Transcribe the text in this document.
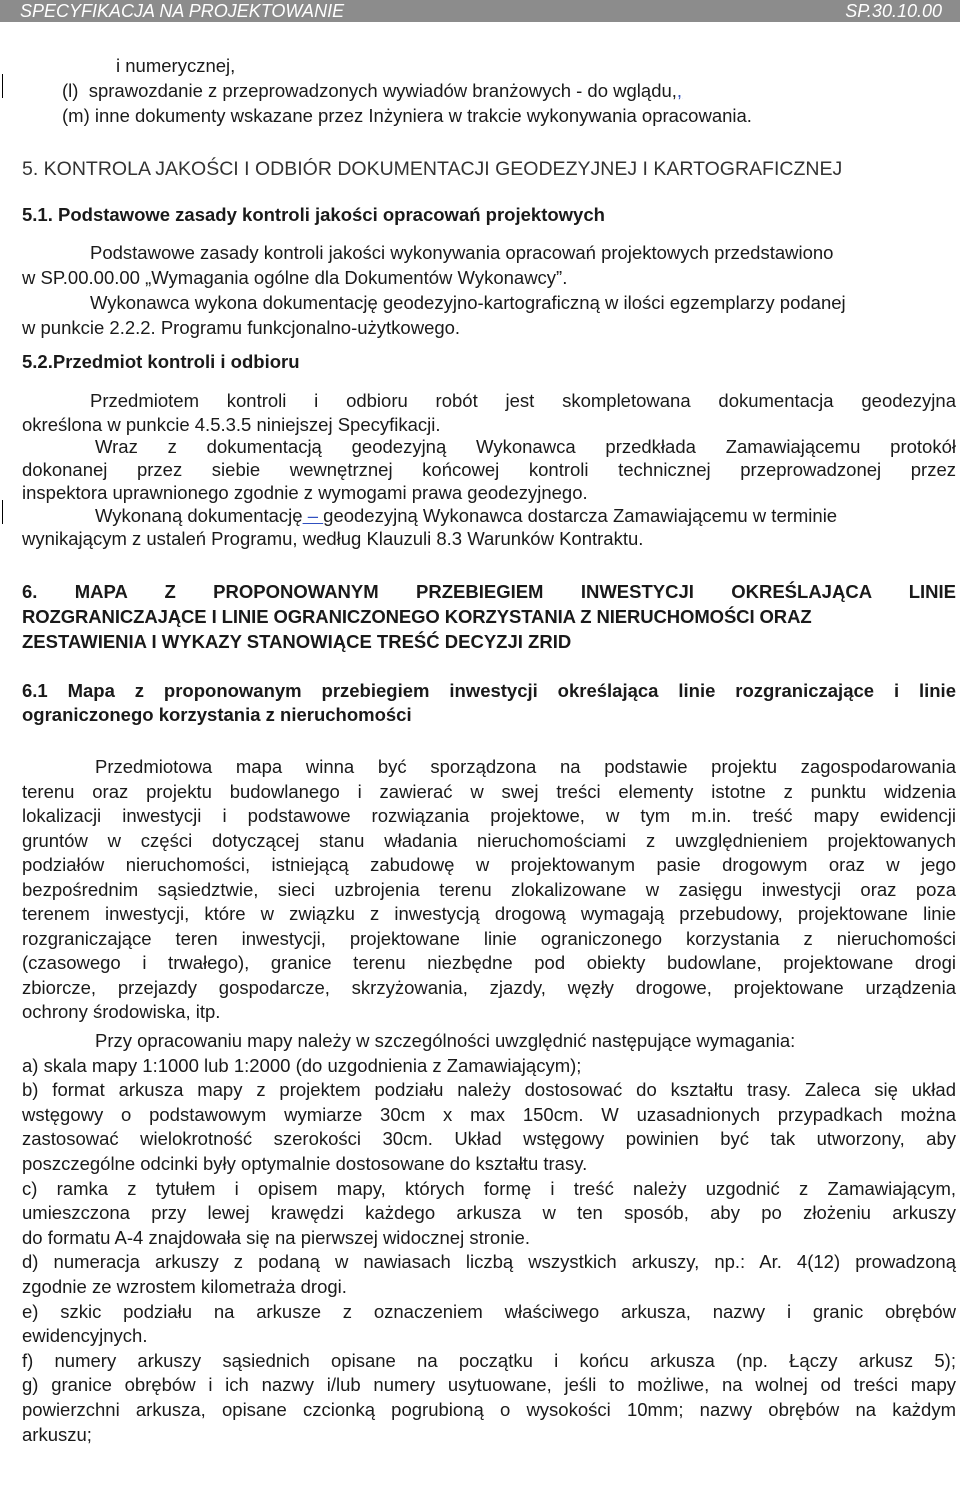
SPECYFIKACJA NA PROJEKTOWANIE	SP.30.10.00
i numerycznej,
(l) sprawozdanie z przeprowadzonych wywiadów branżowych - do wglądu,,
(m) inne dokumenty wskazane przez Inżyniera w trakcie wykonywania opracowania.
5. KONTROLA JAKOŚCI I ODBIÓR DOKUMENTACJI GEODEZYJNEJ I KARTOGRAFICZNEJ
5.1. Podstawowe zasady kontroli jakości opracowań projektowych
Podstawowe zasady kontroli jakości wykonywania opracowań projektowych przedstawiono
w SP.00.00.00 „Wymagania ogólne dla Dokumentów Wykonawcy”.
Wykonawca wykona dokumentację geodezyjno-kartograficzną w ilości egzemplarzy podanej
w punkcie 2.2.2. Programu funkcjonalno-użytkowego.
5.2.Przedmiot kontroli i odbioru
Przedmiotem kontroli i odbioru robót jest skompletowana dokumentacja geodezyjna
określona w punkcie 4.5.3.5 niniejszej Specyfikacji.
Wraz z dokumentacją geodezyjną Wykonawca przedkłada Zamawiającemu protokół
dokonanej przez siebie wewnętrznej końcowej kontroli technicznej przeprowadzonej przez
inspektora uprawnionego zgodnie z wymogami prawa geodezyjnego.
Wykonaną dokumentację – geodezyjną Wykonawca dostarcza Zamawiającemu w terminie
wynikającym z ustaleń Programu, według Klauzuli 8.3 Warunków Kontraktu.
6. MAPA Z PROPONOWANYM PRZEBIEGIEM INWESTYCJI OKREŚLAJĄCA LINIE
ROZGRANICZAJĄCE I LINIE OGRANICZONEGO KORZYSTANIA Z NIERUCHOMOŚCI ORAZ
ZESTAWIENIA I WYKAZY STANOWIĄCE TREŚĆ DECYZJI ZRID
6.1 Mapa z proponowanym przebiegiem inwestycji określająca linie rozgraniczające i linie
ograniczonego korzystania z nieruchomości
Przedmiotowa mapa winna być sporządzona na podstawie projektu zagospodarowania
terenu oraz projektu budowlanego i zawierać w swej treści elementy istotne z punktu widzenia
lokalizacji inwestycji i podstawowe rozwiązania projektowe, w tym m.in. treść mapy ewidencji
gruntów w części dotyczącej stanu władania nieruchomościami z uwzględnieniem projektowanych
podziałów nieruchomości, istniejącą zabudowę w projektowanym pasie drogowym oraz w jego
bezpośrednim sąsiedztwie, sieci uzbrojenia terenu zlokalizowane w zasięgu inwestycji oraz poza
terenem inwestycji, które w związku z inwestycją drogową wymagają przebudowy, projektowane linie
rozgraniczające teren inwestycji, projektowane linie ograniczonego korzystania z nieruchomości
(czasowego i trwałego), granice terenu niezbędne pod obiekty budowlane, projektowane drogi
zbiorcze, przejazdy gospodarcze, skrzyżowania, zjazdy, węzły drogowe, projektowane urządzenia
ochrony środowiska, itp.
Przy opracowaniu mapy należy w szczególności uwzględnić następujące wymagania:
a) skala mapy 1:1000 lub 1:2000 (do uzgodnienia z Zamawiającym);
b) format arkusza mapy z projektem podziału należy dostosować do kształtu trasy. Zaleca się układ
wstęgowy o podstawowym wymiarze 30cm x max 150cm. W uzasadnionych przypadkach można
zastosować wielokrotność szerokości 30cm. Układ wstęgowy powinien być tak utworzony, aby
poszczególne odcinki były optymalnie dostosowane do kształtu trasy.
c) ramka z tytułem i opisem mapy, których formę i treść należy uzgodnić z Zamawiającym,
umieszczona przy lewej krawędzi każdego arkusza w ten sposób, aby po złożeniu arkuszy
do formatu A-4 znajdowała się na pierwszej widocznej stronie.
d) numeracja arkuszy z podaną w nawiasach liczbą wszystkich arkuszy, np.: Ar. 4(12) prowadzoną
zgodnie ze wzrostem kilometraża drogi.
e) szkic podziału na arkusze z oznaczeniem właściwego arkusza, nazwy i granic obrębów
ewidencyjnych.
f) numery arkuszy sąsiednich opisane na początku i końcu arkusza (np. Łączy arkusz 5);
g) granice obrębów i ich nazwy i/lub numery usytuowane, jeśli to możliwe, na wolnej od treści mapy
powierzchni arkusza, opisane czcionką pogrubioną o wysokości 10mm; nazwy obrębów na każdym
arkuszu;
